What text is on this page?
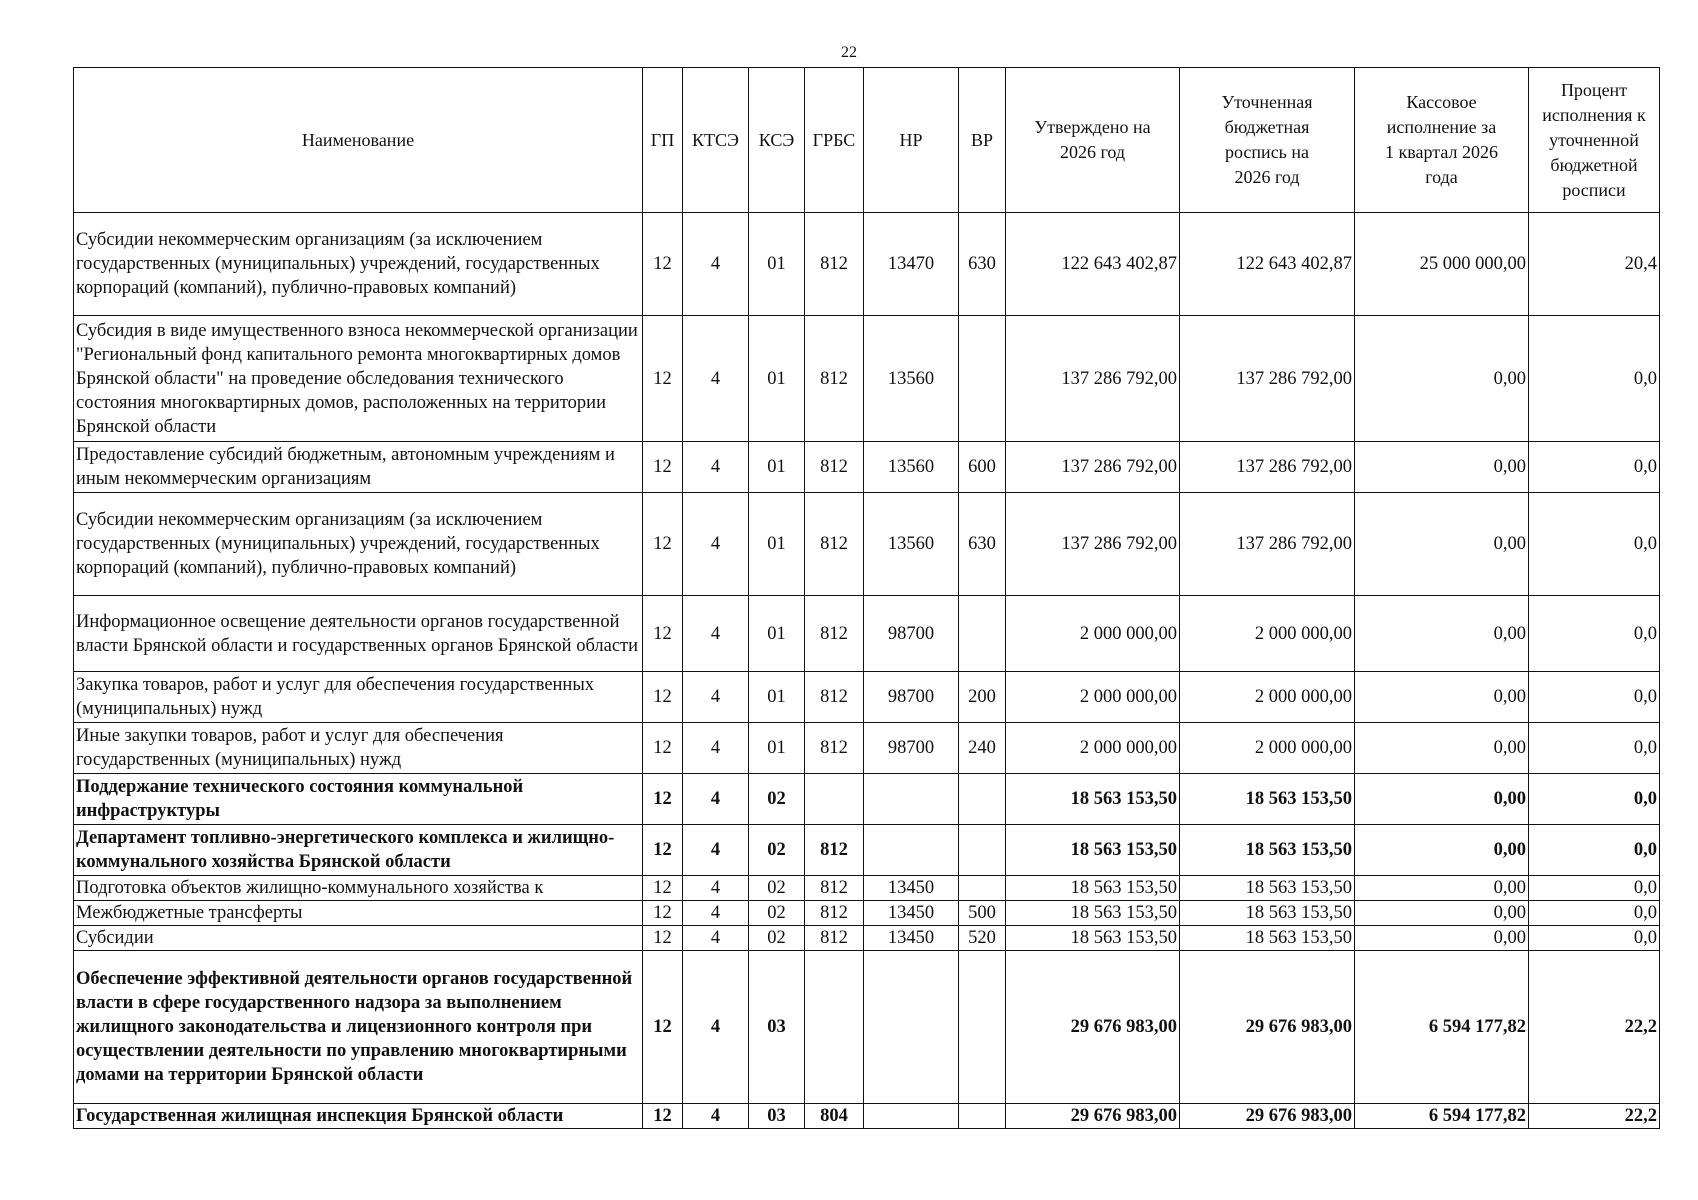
22
Наименование	ГП	КТСЭ	КСЭ	ГРБС	НР	ВР	Утверждено на 2026 год	Уточненная бюджетная роспись на 2026 год	Кассовое исполнение за 1 квартал 2026 года	Процент исполнения к уточненной бюджетной росписи
Субсидии некоммерческим организациям (за исключением государственных (муниципальных) учреждений, государственных корпораций (компаний), публично-правовых компаний)	12	4	01	812	13470	630	122 643 402,87	122 643 402,87	25 000 000,00	20,4
Субсидия в виде имущественного взноса некоммерческой организации "Региональный фонд капитального ремонта многоквартирных домов Брянской области" на проведение обследования технического состояния многоквартирных домов, расположенных на территории Брянской области	12	4	01	812	13560		137 286 792,00	137 286 792,00	0,00	0,0
Предоставление субсидий бюджетным, автономным учреждениям и иным некоммерческим организациям	12	4	01	812	13560	600	137 286 792,00	137 286 792,00	0,00	0,0
Субсидии некоммерческим организациям (за исключением государственных (муниципальных) учреждений, государственных корпораций (компаний), публично-правовых компаний)	12	4	01	812	13560	630	137 286 792,00	137 286 792,00	0,00	0,0
Информационное освещение деятельности органов государственной власти Брянской области и государственных органов Брянской области	12	4	01	812	98700		2 000 000,00	2 000 000,00	0,00	0,0
Закупка товаров, работ и услуг для обеспечения государственных (муниципальных) нужд	12	4	01	812	98700	200	2 000 000,00	2 000 000,00	0,00	0,0
Иные закупки товаров, работ и услуг для обеспечения государственных (муниципальных) нужд	12	4	01	812	98700	240	2 000 000,00	2 000 000,00	0,00	0,0
Поддержание технического состояния коммунальной инфраструктуры	12	4	02				18 563 153,50	18 563 153,50	0,00	0,0
Департамент топливно-энергетического комплекса и жилищно-коммунального хозяйства Брянской области	12	4	02	812			18 563 153,50	18 563 153,50	0,00	0,0
Подготовка объектов жилищно-коммунального хозяйства к	12	4	02	812	13450		18 563 153,50	18 563 153,50	0,00	0,0
Межбюджетные трансферты	12	4	02	812	13450	500	18 563 153,50	18 563 153,50	0,00	0,0
Субсидии	12	4	02	812	13450	520	18 563 153,50	18 563 153,50	0,00	0,0
Обеспечение эффективной деятельности органов государственной власти в сфере государственного надзора за выполнением жилищного законодательства и лицензионного контроля при осуществлении деятельности по управлению многоквартирными домами на территории Брянской области	12	4	03				29 676 983,00	29 676 983,00	6 594 177,82	22,2
Государственная жилищная инспекция Брянской области	12	4	03	804			29 676 983,00	29 676 983,00	6 594 177,82	22,2
